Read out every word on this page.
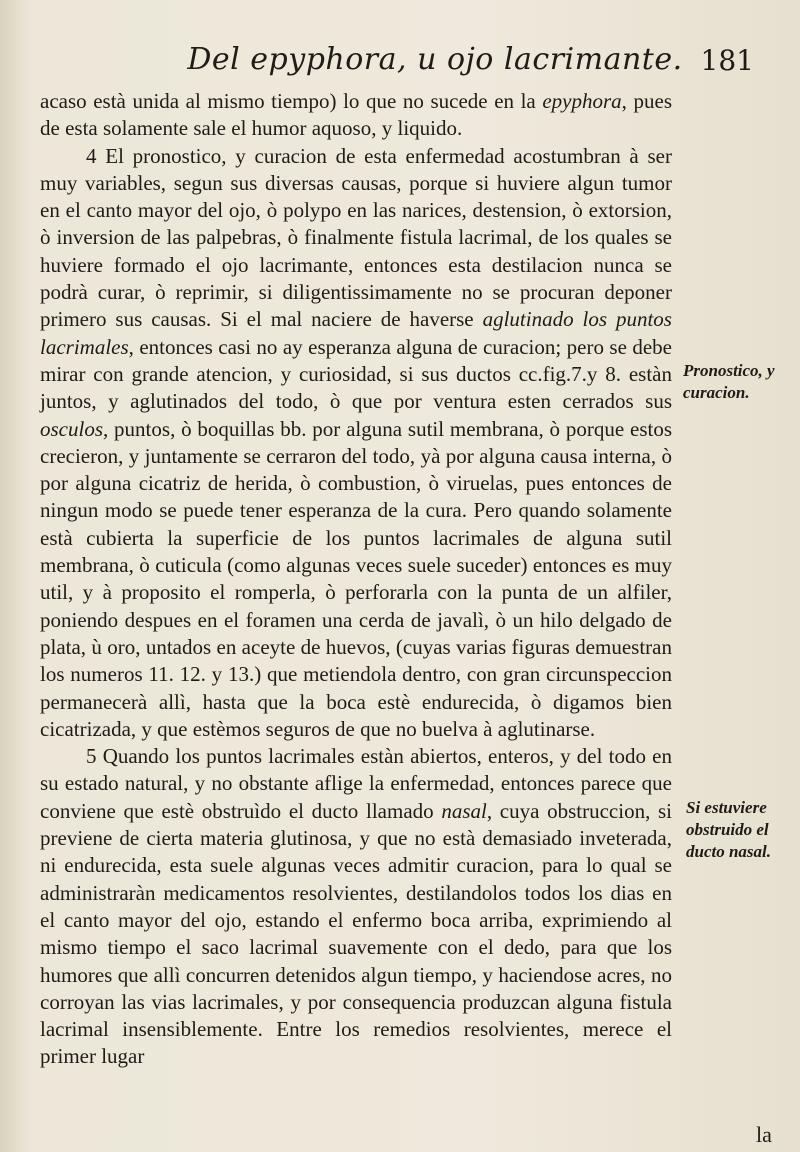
Del epyphora, u ojo lacrimante. 181

acaso està unida al mismo tiempo) lo que no sucede en la epyphora, pues de esta solamente sale el humor aquoso, y liquido.

4 El pronostico, y curacion de esta enfermedad acostumbran à ser muy variables, segun sus diversas causas, porque si huviere algun tumor en el canto mayor del ojo, ò polypo en las narices, destension, ò extorsion, ò inversion de las palpebras, ò finalmente fistula lacrimal, de los quales se huviere formado el ojo lacrimante, entonces esta destilacion nunca se podrà curar, ò reprimir, si diligentissimamente no se procuran deponer primero sus causas. Si el mal naciere de haverse aglutinado los puntos lacrimales, entonces casi no ay esperanza alguna de curacion; pero se debe mirar con grande atencion, y curiosidad, si sus ductos cc.fig.7.y 8. estàn juntos, y aglutinados del todo, ò que por ventura esten cerrados sus osculos, puntos, ò boquillas bb. por alguna sutil membrana, ò porque estos crecieron, y juntamente se cerraron del todo, yà por alguna causa interna, ò por alguna cicatriz de herida, ò combustion, ò viruelas, pues entonces de ningun modo se puede tener esperanza de la cura. Pero quando solamente està cubierta la superficie de los puntos lacrimales de alguna sutil membrana, ò cuticula (como algunas veces suele suceder) entonces es muy util, y à proposito el romperla, ò perforarla con la punta de un alfiler, poniendo despues en el foramen una cerda de javalì, ò un hilo delgado de plata, ù oro, untados en aceyte de huevos, (cuyas varias figuras demuestran los numeros 11. 12. y 13.) que metiendola dentro, con gran circunspeccion permanecerà allì, hasta que la boca estè endurecida, ò digamos bien cicatrizada, y que estèmos seguros de que no buelva à aglutinarse.

5 Quando los puntos lacrimales estàn abiertos, enteros, y del todo en su estado natural, y no obstante aflige la enfermedad, entonces parece que conviene que estè obstruìdo el ducto llamado nasal, cuya obstruccion, si previene de cierta materia glutinosa, y que no està demasiado inveterada, ni endurecida, esta suele algunas veces admitir curacion, para lo qual se administraràn medicamentos resolvientes, destilandolos todos los dias en el canto mayor del ojo, estando el enfermo boca arriba, exprimiendo al mismo tiempo el saco lacrimal suavemente con el dedo, para que los humores que allì concurren detenidos algun tiempo, y haciendose acres, no corroyan las vias lacrimales, y por consequencia produzcan alguna fistula lacrimal insensiblemente. Entre los remedios resolvientes, merece el primer lugar

Pronostico, y curacion.
Si estuviere obstruido el ducto nasal.
la
